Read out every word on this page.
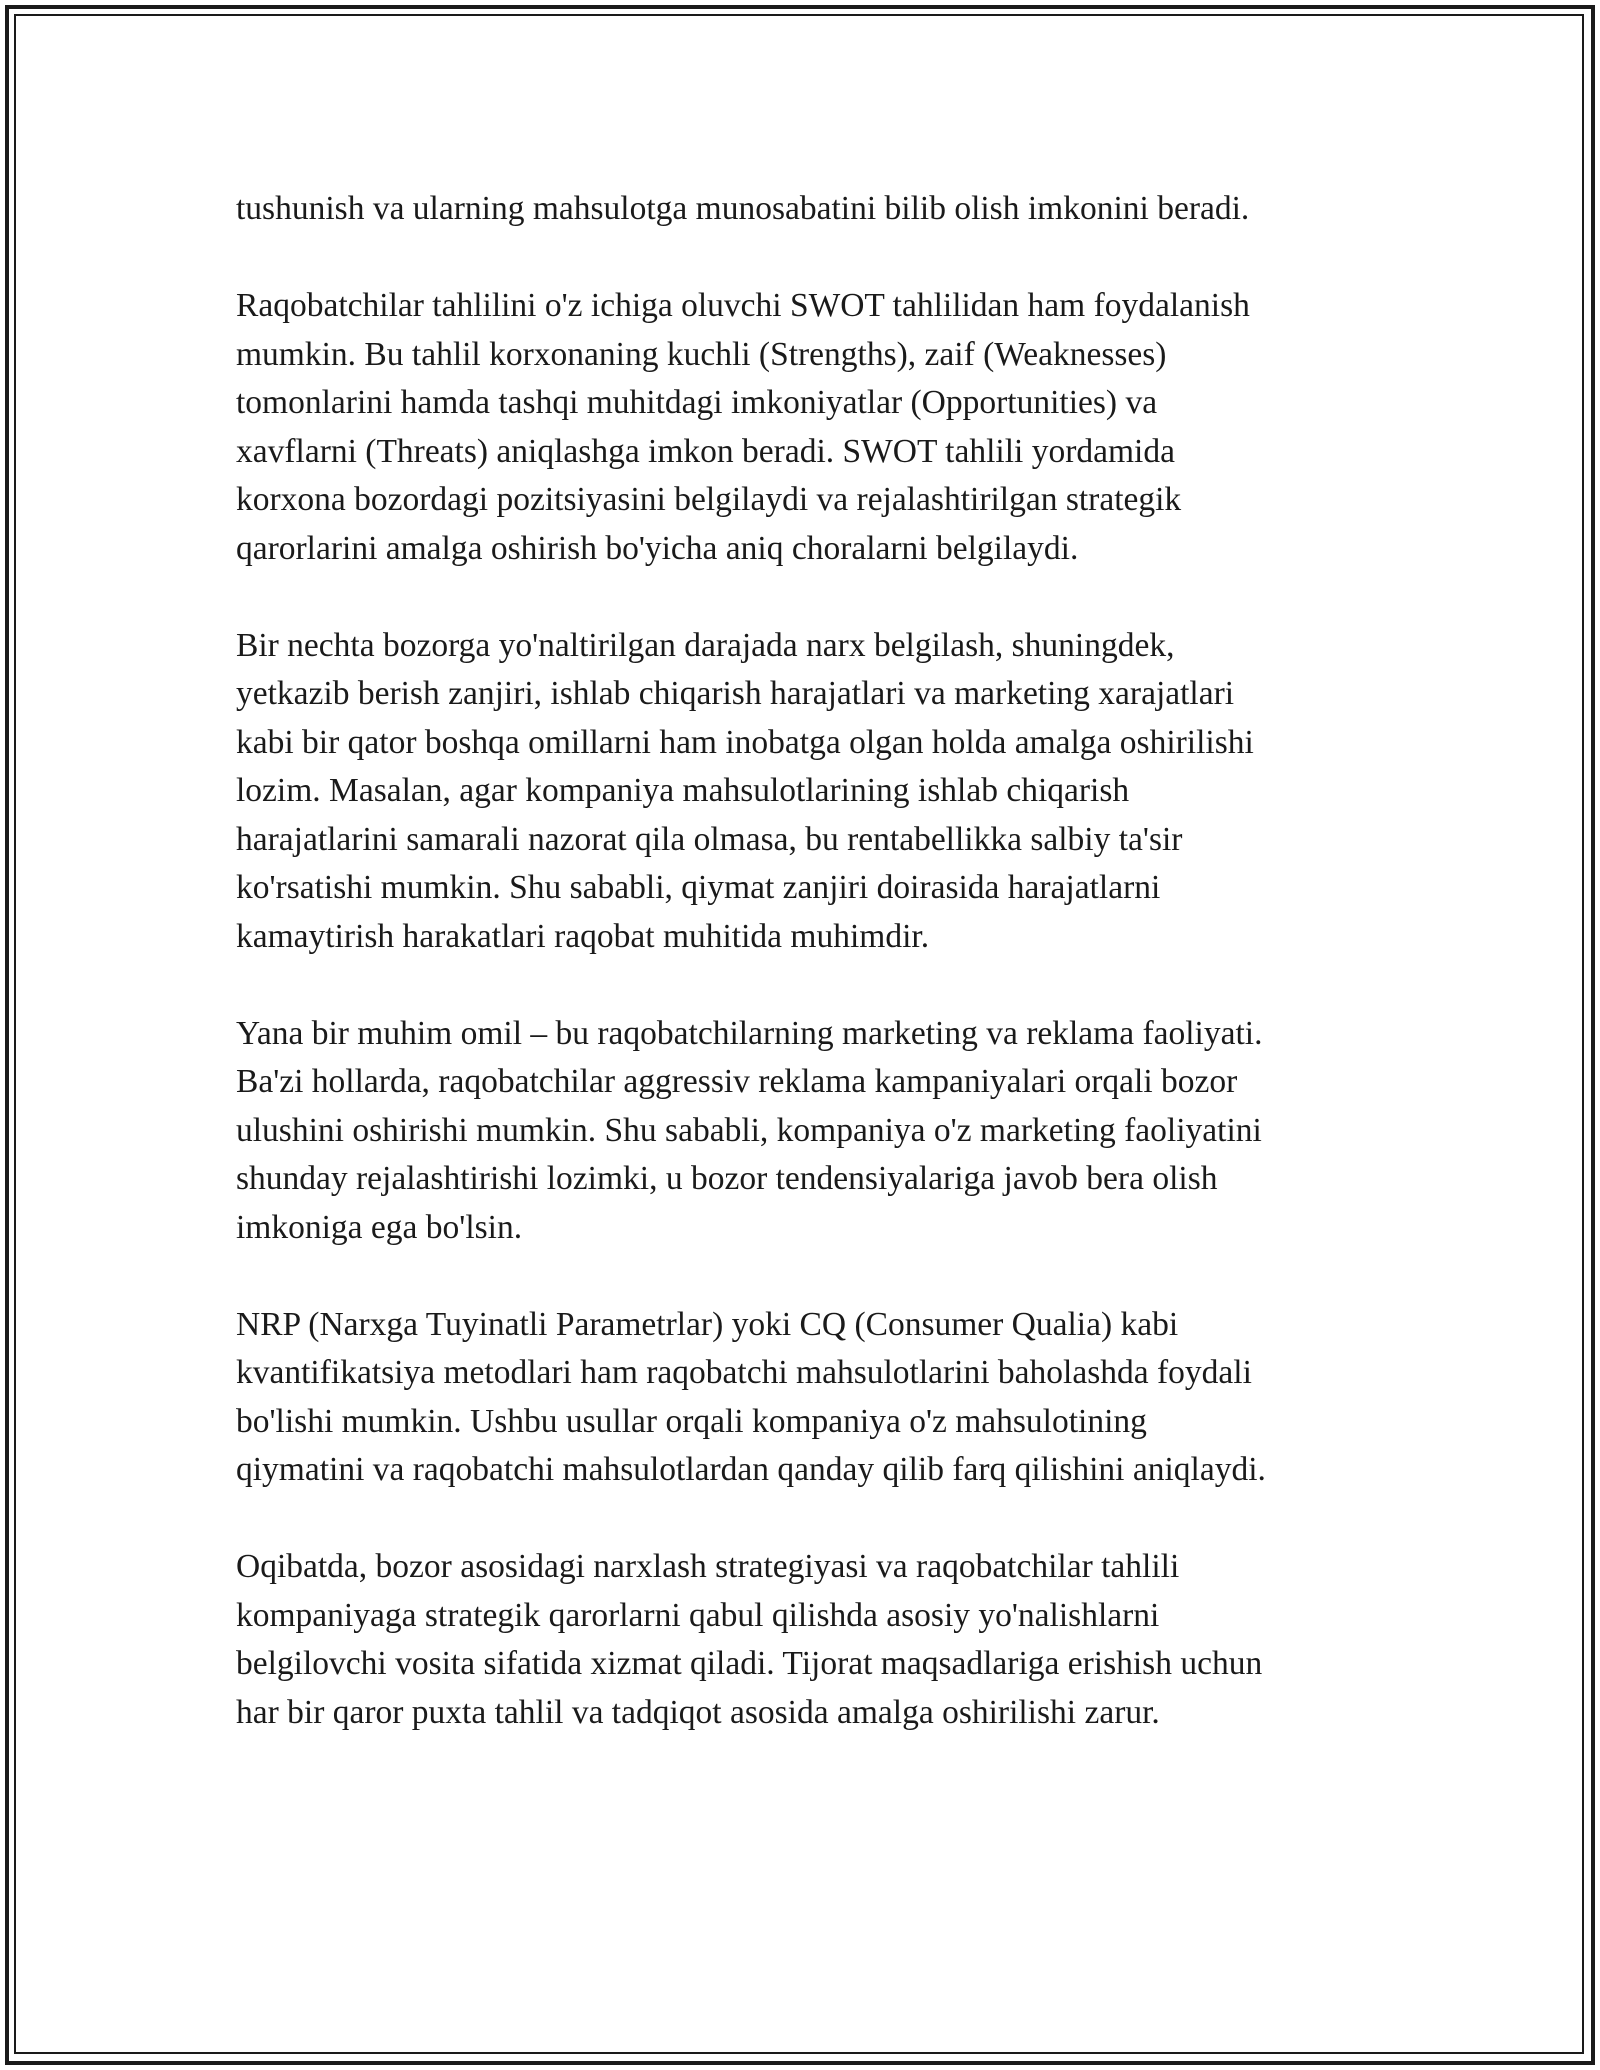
tushunish va ularning mahsulotga munosabatini bilib olish imkonini beradi.
Raqobatchilar tahlilini o'z ichiga oluvchi SWOT tahlilidan ham foydalanish
mumkin. Bu tahlil korxonaning kuchli (Strengths), zaif (Weaknesses)
tomonlarini hamda tashqi muhitdagi imkoniyatlar (Opportunities) va
xavflarni (Threats) aniqlashga imkon beradi. SWOT tahlili yordamida
korxona bozordagi pozitsiyasini belgilaydi va rejalashtirilgan strategik
qarorlarini amalga oshirish bo'yicha aniq choralarni belgilaydi.
Bir nechta bozorga yo'naltirilgan darajada narx belgilash, shuningdek,
yetkazib berish zanjiri, ishlab chiqarish harajatlari va marketing xarajatlari
kabi bir qator boshqa omillarni ham inobatga olgan holda amalga oshirilishi
lozim. Masalan, agar kompaniya mahsulotlarining ishlab chiqarish
harajatlarini samarali nazorat qila olmasa, bu rentabellikka salbiy ta'sir
ko'rsatishi mumkin. Shu sababli, qiymat zanjiri doirasida harajatlarni
kamaytirish harakatlari raqobat muhitida muhimdir.
Yana bir muhim omil – bu raqobatchilarning marketing va reklama faoliyati.
Ba'zi hollarda, raqobatchilar aggressiv reklama kampaniyalari orqali bozor
ulushini oshirishi mumkin. Shu sababli, kompaniya o'z marketing faoliyatini
shunday rejalashtirishi lozimki, u bozor tendensiyalariga javob bera olish
imkoniga ega bo'lsin.
NRP (Narxga Tuyinatli Parametrlar) yoki CQ (Consumer Qualia) kabi
kvantifikatsiya metodlari ham raqobatchi mahsulotlarini baholashda foydali
bo'lishi mumkin. Ushbu usullar orqali kompaniya o'z mahsulotining
qiymatini va raqobatchi mahsulotlardan qanday qilib farq qilishini aniqlaydi.
Oqibatda, bozor asosidagi narxlash strategiyasi va raqobatchilar tahlili
kompaniyaga strategik qarorlarni qabul qilishda asosiy yo'nalishlarni
belgilovchi vosita sifatida xizmat qiladi. Tijorat maqsadlariga erishish uchun
har bir qaror puxta tahlil va tadqiqot asosida amalga oshirilishi zarur.
